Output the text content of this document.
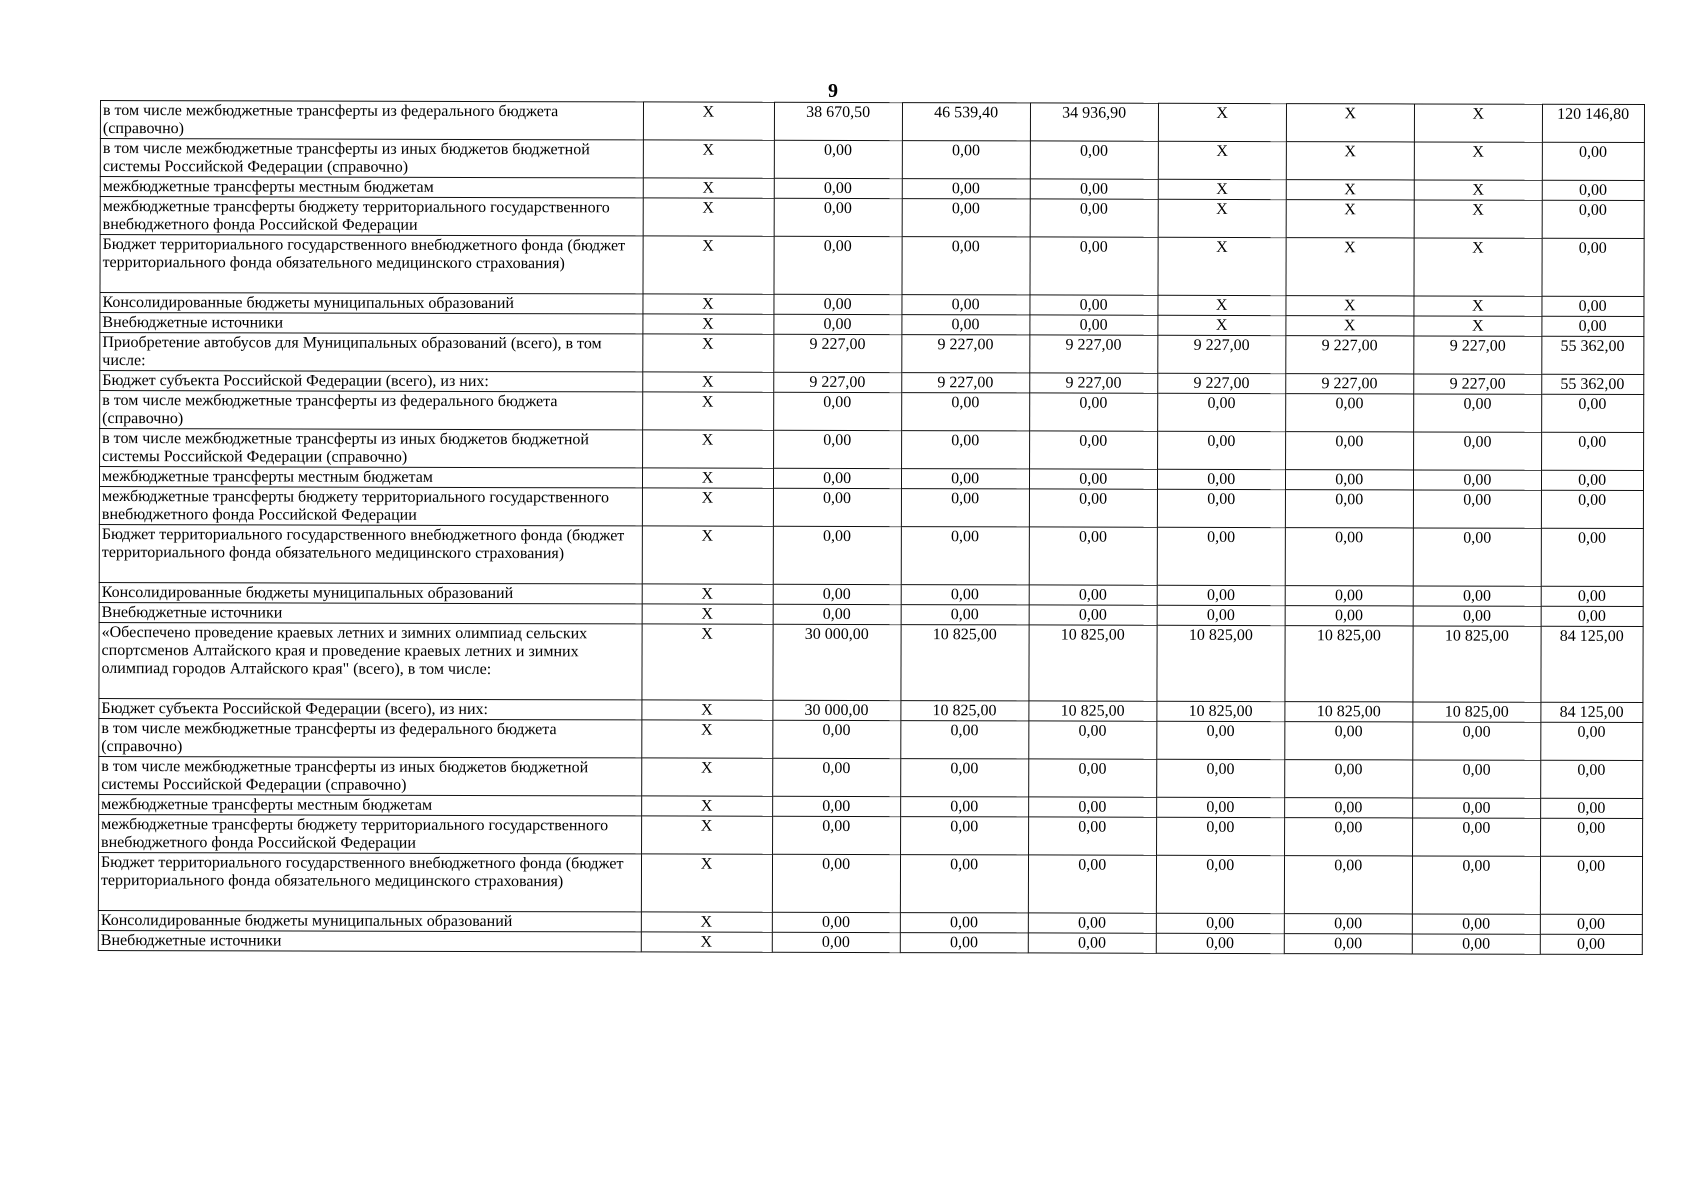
9
в том числе межбюджетные трансферты из федерального бюджета (справочно)	Х	38 670,50	46 539,40	34 936,90	Х	Х	Х	120 146,80
в том числе межбюджетные трансферты из иных бюджетов бюджетной системы Российской Федерации (справочно)	Х	0,00	0,00	0,00	Х	Х	Х	0,00
межбюджетные трансферты местным бюджетам	Х	0,00	0,00	0,00	Х	Х	Х	0,00
межбюджетные трансферты бюджету территориального государственного внебюджетного фонда Российской Федерации	Х	0,00	0,00	0,00	Х	Х	Х	0,00
Бюджет территориального государственного внебюджетного фонда (бюджет территориального фонда обязательного медицинского страхования)	Х	0,00	0,00	0,00	Х	Х	Х	0,00
Консолидированные бюджеты муниципальных образований	Х	0,00	0,00	0,00	Х	Х	Х	0,00
Внебюджетные источники	Х	0,00	0,00	0,00	Х	Х	Х	0,00
Приобретение автобусов для Муниципальных образований (всего), в том числе:	Х	9 227,00	9 227,00	9 227,00	9 227,00	9 227,00	9 227,00	55 362,00
Бюджет субъекта Российской Федерации (всего), из них:	Х	9 227,00	9 227,00	9 227,00	9 227,00	9 227,00	9 227,00	55 362,00
в том числе межбюджетные трансферты из федерального бюджета (справочно)	Х	0,00	0,00	0,00	0,00	0,00	0,00	0,00
в том числе межбюджетные трансферты из иных бюджетов бюджетной системы Российской Федерации (справочно)	Х	0,00	0,00	0,00	0,00	0,00	0,00	0,00
межбюджетные трансферты местным бюджетам	Х	0,00	0,00	0,00	0,00	0,00	0,00	0,00
межбюджетные трансферты бюджету территориального государственного внебюджетного фонда Российской Федерации	Х	0,00	0,00	0,00	0,00	0,00	0,00	0,00
Бюджет территориального государственного внебюджетного фонда (бюджет территориального фонда обязательного медицинского страхования)	Х	0,00	0,00	0,00	0,00	0,00	0,00	0,00
Консолидированные бюджеты муниципальных образований	Х	0,00	0,00	0,00	0,00	0,00	0,00	0,00
Внебюджетные источники	Х	0,00	0,00	0,00	0,00	0,00	0,00	0,00
«Обеспечено проведение краевых летних и зимних олимпиад сельских спортсменов Алтайского края и проведение краевых летних и зимних олимпиад городов Алтайского края" (всего), в том числе:	Х	30 000,00	10 825,00	10 825,00	10 825,00	10 825,00	10 825,00	84 125,00
Бюджет субъекта Российской Федерации (всего), из них:	Х	30 000,00	10 825,00	10 825,00	10 825,00	10 825,00	10 825,00	84 125,00
в том числе межбюджетные трансферты из федерального бюджета (справочно)	Х	0,00	0,00	0,00	0,00	0,00	0,00	0,00
в том числе межбюджетные трансферты из иных бюджетов бюджетной системы Российской Федерации (справочно)	Х	0,00	0,00	0,00	0,00	0,00	0,00	0,00
межбюджетные трансферты местным бюджетам	Х	0,00	0,00	0,00	0,00	0,00	0,00	0,00
межбюджетные трансферты бюджету территориального государственного внебюджетного фонда Российской Федерации	Х	0,00	0,00	0,00	0,00	0,00	0,00	0,00
Бюджет территориального государственного внебюджетного фонда (бюджет территориального фонда обязательного медицинского страхования)	Х	0,00	0,00	0,00	0,00	0,00	0,00	0,00
Консолидированные бюджеты муниципальных образований	Х	0,00	0,00	0,00	0,00	0,00	0,00	0,00
Внебюджетные источники	Х	0,00	0,00	0,00	0,00	0,00	0,00	0,00
